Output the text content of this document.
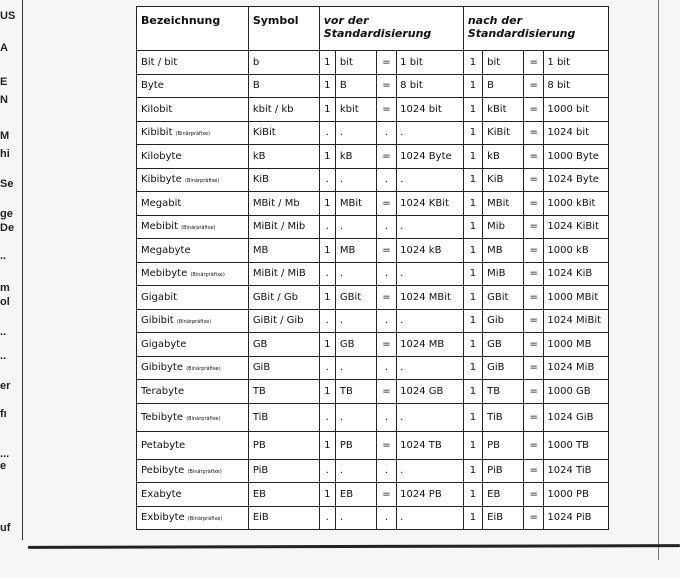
US
A
E
N
M
hi
Se
ge
De
..
m
ol
..
..
er
fı
...
e
uf
Bezeichnung	Symbol	vor der Standardisierung				nach der Standardisierung			
Bit / bit	b	1	bit	=	1 bit	1	bit	=	1 bit
Byte	B	1	B	=	8 bit	1	B	=	8 bit
Kilobit	kbit / kb	1	kbit	=	1024 bit	1	kBit	=	1000 bit
Kibibit (Binärpräfixe)	KiBit	.	.	.	.	1	KiBit	=	1024 bit
Kilobyte	kB	1	kB	=	1024 Byte	1	kB	=	1000 Byte
Kibibyte (Binärpräfixe)	KiB	.	.	.	.	1	KiB	=	1024 Byte
Megabit	MBit / Mb	1	MBit	=	1024 KBit	1	MBit	=	1000 kBit
Mebibit (Binärpräfixe)	MiBit / Mib	.	.	.	.	1	Mib	=	1024 KiBit
Megabyte	MB	1	MB	=	1024 kB	1	MB	=	1000 kB
Mebibyte (Binärpräfixe)	MiBit / MiB	.	.	.	.	1	MiB	=	1024 KiB
Gigabit	GBit / Gb	1	GBit	=	1024 MBit	1	GBit	=	1000 MBit
Gibibit (Binärpräfixe)	GiBit / Gib	.	.	.	.	1	Gib	=	1024 MiBit
Gigabyte	GB	1	GB	=	1024 MB	1	GB	=	1000 MB
Gibibyte (Binärpräfixe)	GiB	.	.	.	.	1	GiB	=	1024 MiB
Terabyte	TB	1	TB	=	1024 GB	1	TB	=	1000 GB
Tebibyte (Binärpräfixe)	TiB	.	.	.	.	1	TiB	=	1024 GiB
Petabyte	PB	1	PB	=	1024 TB	1	PB	=	1000 TB
Pebibyte (Binärpräfixe)	PiB	.	.	.	.	1	PiB	=	1024 TiB
Exabyte	EB	1	EB	=	1024 PB	1	EB	=	1000 PB
Exbibyte (Binärpräfixe)	EiB	.	.	.	.	1	EiB	=	1024 PiB
